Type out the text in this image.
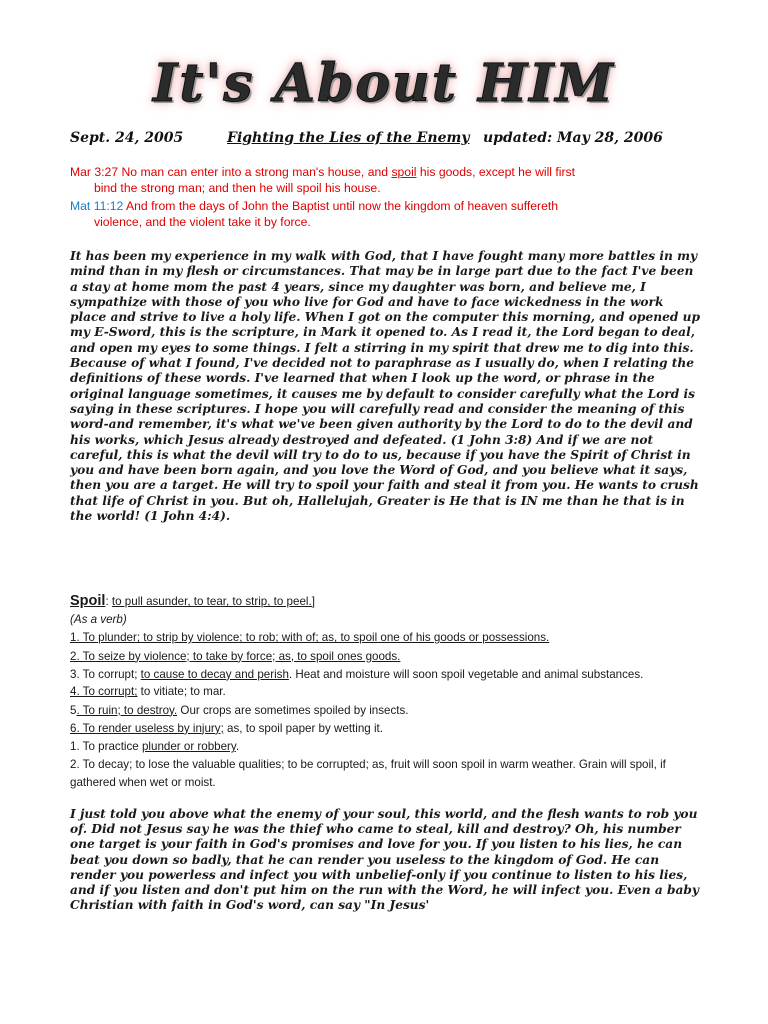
It's About HIM
Sept. 24, 2005	Fighting the Lies of the Enemy updated: May 28, 2006
Mar 3:27 No man can enter into a strong man's house, and spoil his goods, except he will first
bind the strong man; and then he will spoil his house.
Mat 11:12 And from the days of John the Baptist until now the kingdom of heaven suffereth
violence, and the violent take it by force.
It has been my experience in my walk with God, that I have fought many more battles in my mind than in my flesh or circumstances. That may be in large part due to the fact I've been a stay at home mom the past 4 years, since my daughter was born, and believe me, I sympathize with those of you who live for God and have to face wickedness in the work place and strive to live a holy life. When I got on the computer this morning, and opened up my E-Sword, this is the scripture, in Mark it opened to. As I read it, the Lord began to deal, and open my eyes to some things. I felt a stirring in my spirit that drew me to dig into this. Because of what I found, I've decided not to paraphrase as I usually do, when I relating the definitions of these words. I've learned that when I look up the word, or phrase in the original language sometimes, it causes me by default to consider carefully what the Lord is saying in these scriptures. I hope you will carefully read and consider the meaning of this word-and remember, it's what we've been given authority by the Lord to do to the devil and his works, which Jesus already destroyed and defeated. (1 John 3:8) And if we are not careful, this is what the devil will try to do to us, because if you have the Spirit of Christ in you and have been born again, and you love the Word of God, and you believe what it says, then you are a target. He will try to spoil your faith and steal it from you. He wants to crush that life of Christ in you. But oh, Hallelujah, Greater is He that is IN me than he that is in the world! (1 John 4:4).
Spoil: to pull asunder, to tear, to strip, to peel.]
(As a verb)
1. To plunder; to strip by violence; to rob; with of; as, to spoil one of his goods or possessions.
2. To seize by violence; to take by force; as, to spoil ones goods.
3. To corrupt; to cause to decay and perish. Heat and moisture will soon spoil vegetable and animal substances.
4. To corrupt; to vitiate; to mar.
5. To ruin; to destroy. Our crops are sometimes spoiled by insects.
6. To render useless by injury; as, to spoil paper by wetting it.
1. To practice plunder or robbery.
2. To decay; to lose the valuable qualities; to be corrupted; as, fruit will soon spoil in warm weather. Grain will spoil, if gathered when wet or moist.
I just told you above what the enemy of your soul, this world, and the flesh wants to rob you of. Did not Jesus say he was the thief who came to steal, kill and destroy? Oh, his number one target is your faith in God's promises and love for you. If you listen to his lies, he can beat you down so badly, that he can render you useless to the kingdom of God. He can render you powerless and infect you with unbelief-only if you continue to listen to his lies, and if you listen and don't put him on the run with the Word, he will infect you. Even a baby Christian with faith in God's word, can say "In Jesus'
